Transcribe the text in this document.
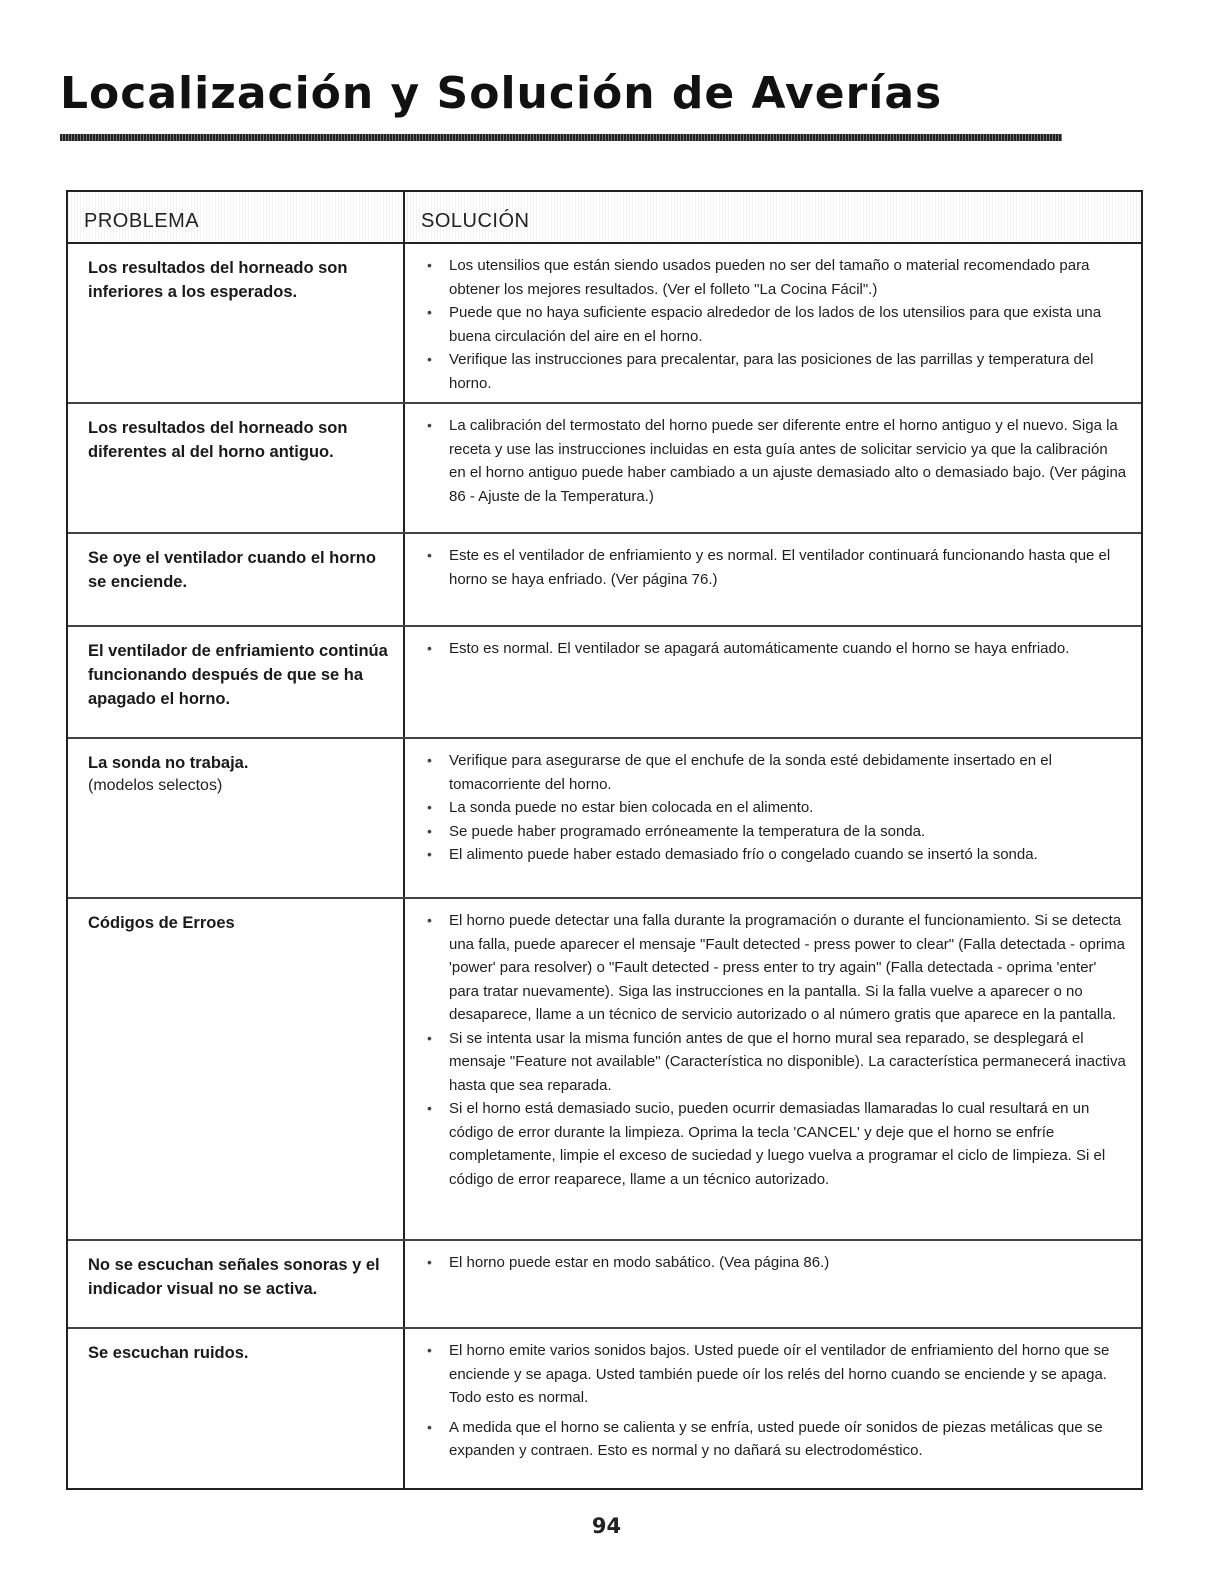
Localización y Solución de Averías
PROBLEMA	SOLUCIÓN
Los resultados del horneado son inferiores a los esperados.
• Los utensilios que están siendo usados pueden no ser del tamaño o material recomendado para obtener los mejores resultados. (Ver el folleto "La Cocina Fácil".)
• Puede que no haya suficiente espacio alrededor de los lados de los utensilios para que exista una buena circulación del aire en el horno.
• Verifique las instrucciones para precalentar, para las posiciones de las parrillas y temperatura del horno.
Los resultados del horneado son diferentes al del horno antiguo.
• La calibración del termostato del horno puede ser diferente entre el horno antiguo y el nuevo. Siga la receta y use las instrucciones incluidas en esta guía antes de solicitar servicio ya que la calibración en el horno antiguo puede haber cambiado a un ajuste demasiado alto o demasiado bajo. (Ver página 86 - Ajuste de la Temperatura.)
Se oye el ventilador cuando el horno se enciende.
• Este es el ventilador de enfriamiento y es normal. El ventilador continuará funcionando hasta que el horno se haya enfriado. (Ver página 76.)
El ventilador de enfriamiento continúa funcionando después de que se ha apagado el horno.
• Esto es normal. El ventilador se apagará automáticamente cuando el horno se haya enfriado.
La sonda no trabaja.
(modelos selectos)
• Verifique para asegurarse de que el enchufe de la sonda esté debidamente insertado en el tomacorriente del horno.
• La sonda puede no estar bien colocada en el alimento.
• Se puede haber programado erróneamente la temperatura de la sonda.
• El alimento puede haber estado demasiado frío o congelado cuando se insertó la sonda.
Códigos de Erroes	• El horno puede detectar una falla durante la programación o durante el funcionamiento. Si se detecta una falla, puede aparecer el mensaje "Fault detected - press power to clear" (Falla detectada - oprima 'power' para resolver) o "Fault detected - press enter to try again" (Falla detectada - oprima 'enter' para tratar nuevamente). Siga las instrucciones en la pantalla. Si la falla vuelve a aparecer o no desaparece, llame a un técnico de servicio autorizado o al número gratis que aparece en la pantalla.
• Si se intenta usar la misma función antes de que el horno mural sea reparado, se desplegará el mensaje "Feature not available" (Característica no disponible). La característica permanecerá inactiva hasta que sea reparada.
• Si el horno está demasiado sucio, pueden ocurrir demasiadas llamaradas lo cual resultará en un código de error durante la limpieza. Oprima la tecla 'CANCEL' y deje que el horno se enfríe completamente, limpie el exceso de suciedad y luego vuelva a programar el ciclo de limpieza. Si el código de error reaparece, llame a un técnico autorizado.
No se escuchan señales sonoras y el indicador visual no se activa.
• El horno puede estar en modo sabático. (Vea página 86.)
Se escuchan ruidos.	• El horno emite varios sonidos bajos. Usted puede oír el ventilador de enfriamiento del horno que se enciende y se apaga. Usted también puede oír los relés del horno cuando se enciende y se apaga. Todo esto es normal.
• A medida que el horno se calienta y se enfría, usted puede oír sonidos de piezas metálicas que se expanden y contraen. Esto es normal y no dañará su electrodoméstico.
94
